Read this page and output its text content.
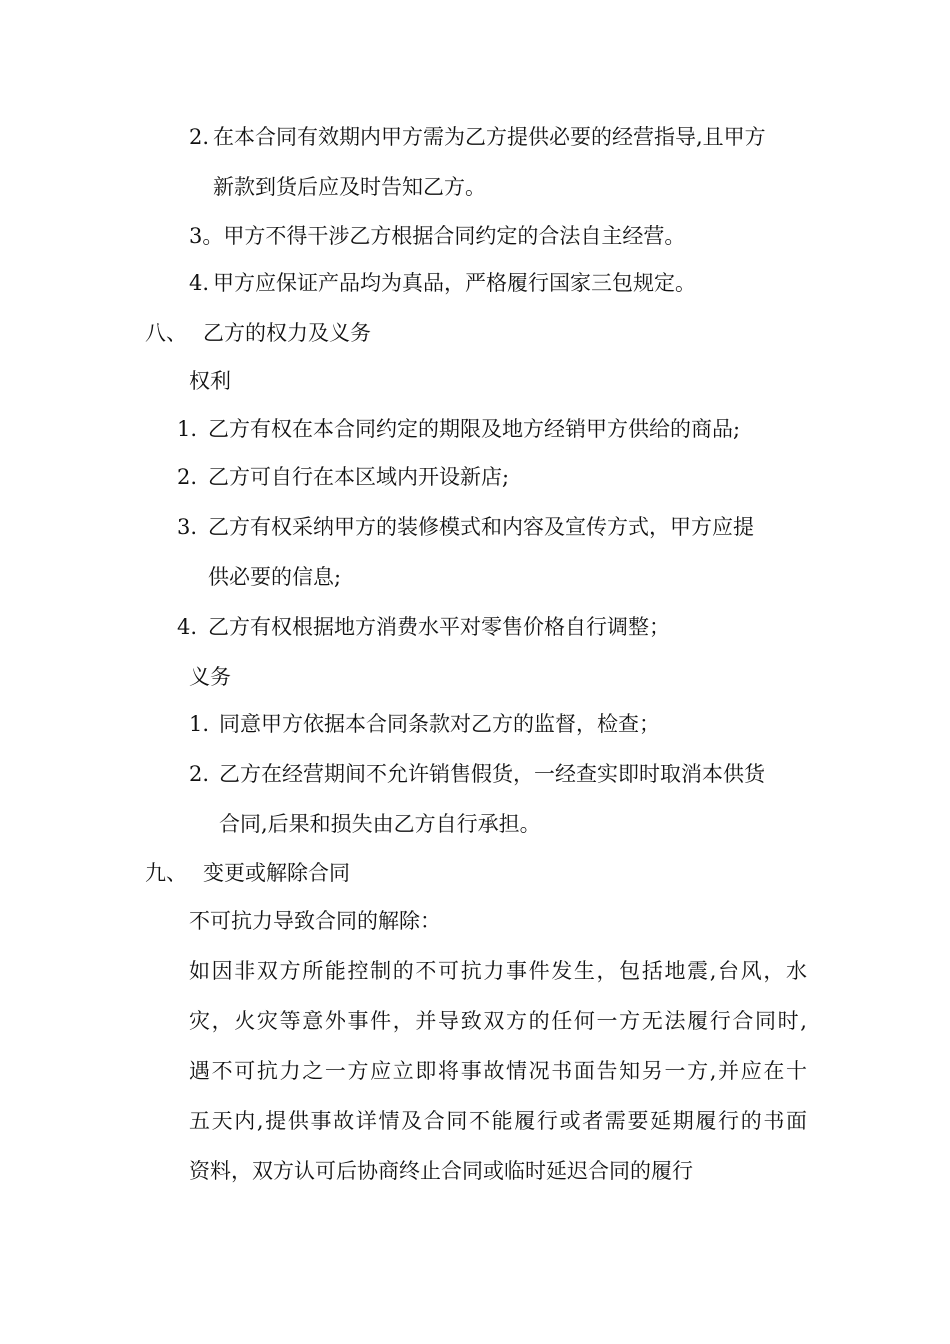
2. 在本合同有效期内甲方需为乙方提供必要的经营指导,且甲方
新款到货后应及时告知乙方。
3。甲方不得干涉乙方根据合同约定的合法自主经营。
4. 甲方应保证产品均为真品，严格履行国家三包规定。
八、 乙方的权力及义务
权利
1. 乙方有权在本合同约定的期限及地方经销甲方供给的商品;
2. 乙方可自行在本区域内开设新店;
3. 乙方有权采纳甲方的装修模式和内容及宣传方式，甲方应提
供必要的信息;
4. 乙方有权根据地方消费水平对零售价格自行调整；
义务
1. 同意甲方依据本合同条款对乙方的监督，检查；
2. 乙方在经营期间不允许销售假货，一经查实即时取消本供货
合同,后果和损失由乙方自行承担。
九、 变更或解除合同
不可抗力导致合同的解除：
如因非双方所能控制的不可抗力事件发生，包括地震,台风，水
灾，火灾等意外事件，并导致双方的任何一方无法履行合同时,
遇不可抗力之一方应立即将事故情况书面告知另一方,并应在十
五天内,提供事故详情及合同不能履行或者需要延期履行的书面
资料，双方认可后协商终止合同或临时延迟合同的履行
